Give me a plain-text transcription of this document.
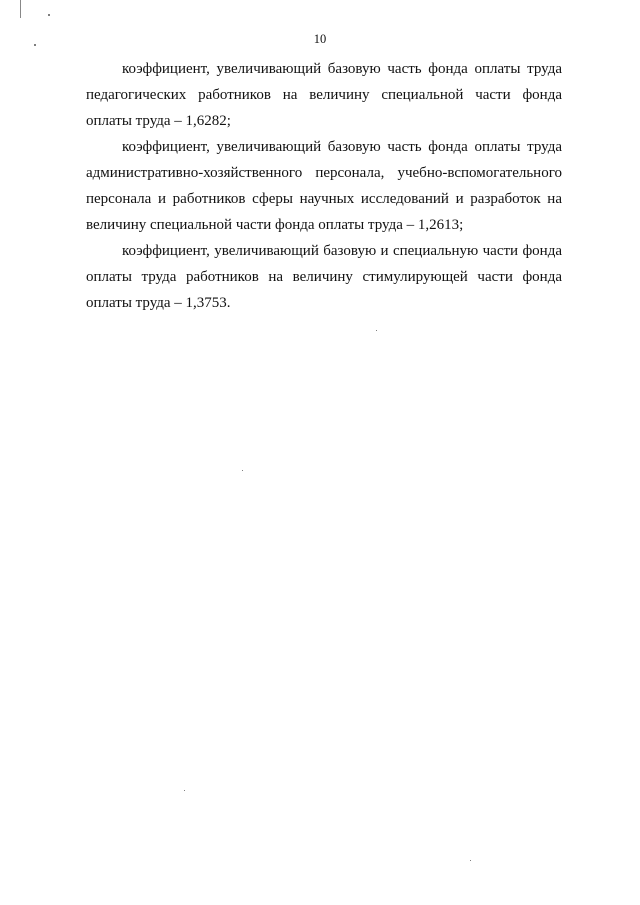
10

коэффициент, увеличивающий базовую часть фонда оплаты труда педагогических работников на величину специальной части фонда оплаты труда – 1,6282;

коэффициент, увеличивающий базовую часть фонда оплаты труда административно-хозяйственного персонала, учебно-вспомогательного персонала и работников сферы научных исследований и разработок на величину специальной части фонда оплаты труда – 1,2613;

коэффициент, увеличивающий базовую и специальную части фонда оплаты труда работников на величину стимулирующей части фонда оплаты труда – 1,3753.
